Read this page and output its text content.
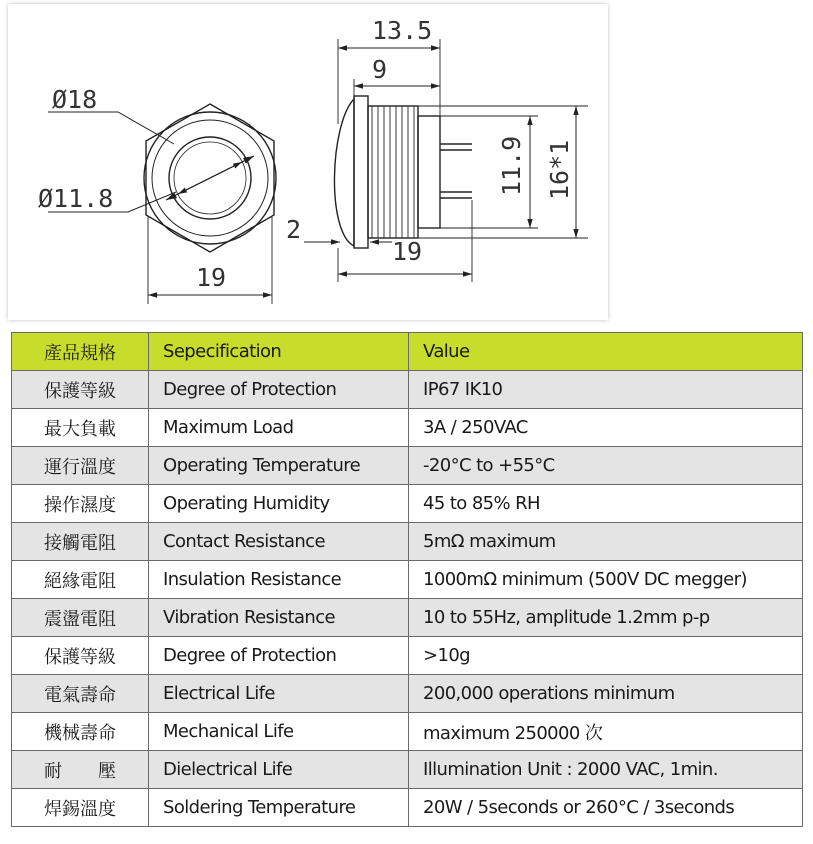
13.5
9
Ø18
Ø11.8
19
2
19
11.9 16*1
產品規格	Sepecification	Value
保護等級	Degree of Protection	IP67 IK10
最大負載	Maximum Load	3A / 250VAC
運行溫度	Operating Temperature	-20°C to +55°C
操作濕度	Operating Humidity	45 to 85% RH
接觸電阻	Contact Resistance	5mΩ maximum
絕緣電阻	Insulation Resistance	1000mΩ minimum (500V DC megger)
震盪電阻	Vibration Resistance	10 to 55Hz, amplitude 1.2mm p-p
保護等級	Degree of Protection	>10g
電氣壽命	Electrical Life	200,000 operations minimum
機械壽命	Mechanical Life	maximum 250000 次
耐　　壓	Dielectrical Life	Illumination Unit : 2000 VAC, 1min.
焊錫溫度	Soldering Temperature	20W / 5seconds or 260°C / 3seconds
